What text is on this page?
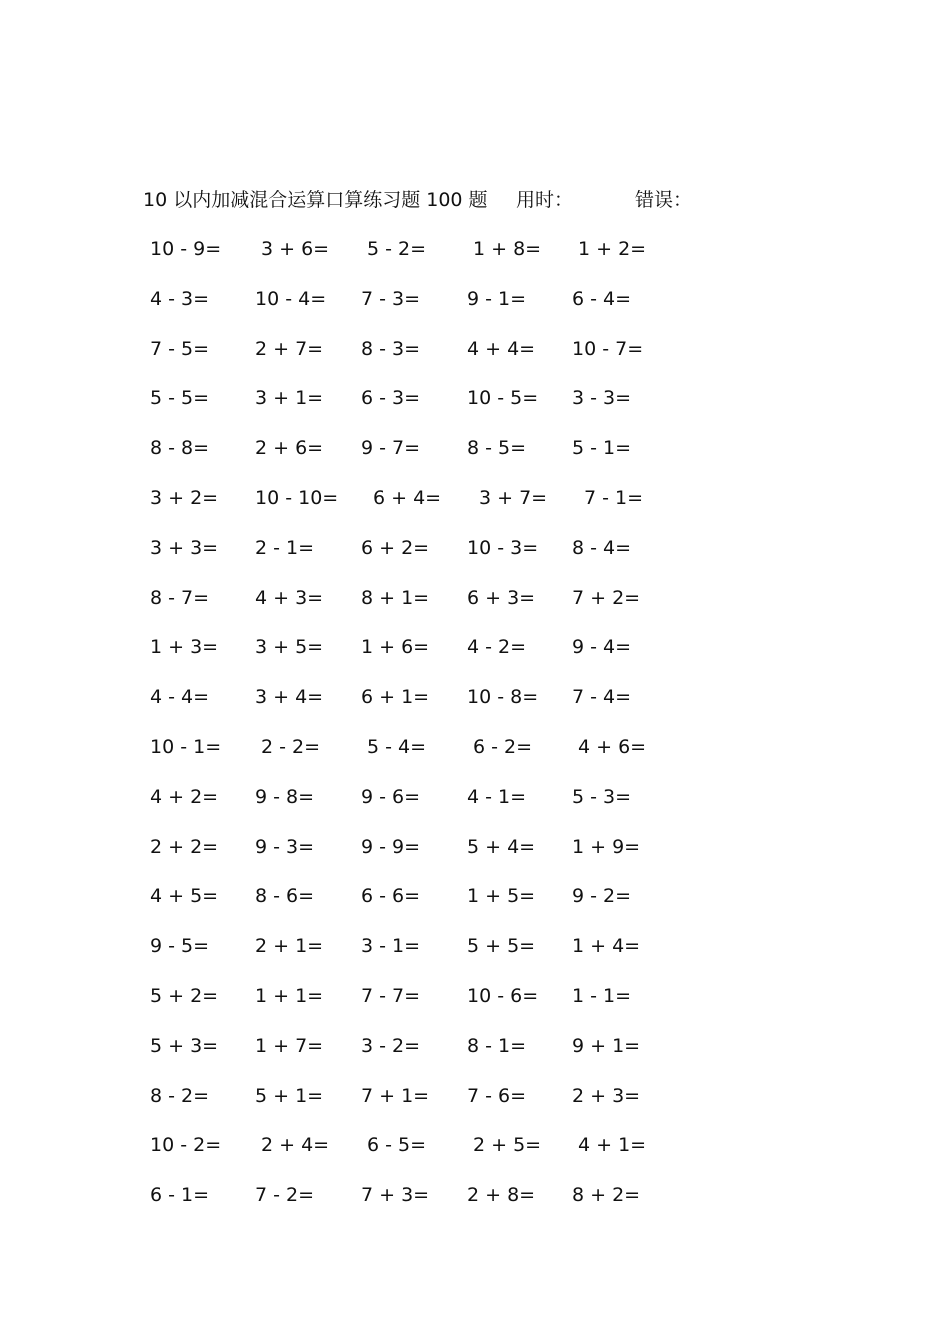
10 以内加减混合运算口算练习题 100 题 用时：	错误：
10 - 9=	3 + 6=	5 - 2=	1 + 8=	1 + 2=
4 - 3=	10 - 4=	7 - 3=	9 - 1=	6 - 4=
7 - 5=	2 + 7=	8 - 3=	4 + 4=	10 - 7=
5 - 5=	3 + 1=	6 - 3=	10 - 5=	3 - 3=
8 - 8=	2 + 6=	9 - 7=	8 - 5=	5 - 1=
3 + 2=	10 - 10=	6 + 4=	3 + 7=	7 - 1=
3 + 3=	2 - 1=	6 + 2=	10 - 3=	8 - 4=
8 - 7=	4 + 3=	8 + 1=	6 + 3=	7 + 2=
1 + 3=	3 + 5=	1 + 6=	4 - 2=	9 - 4=
4 - 4=	3 + 4=	6 + 1=	10 - 8=	7 - 4=
10 - 1=	2 - 2=	5 - 4=	6 - 2=	4 + 6=
4 + 2=	9 - 8=	9 - 6=	4 - 1=	5 - 3=
2 + 2=	9 - 3=	9 - 9=	5 + 4=	1 + 9=
4 + 5=	8 - 6=	6 - 6=	1 + 5=	9 - 2=
9 - 5=	2 + 1=	3 - 1=	5 + 5=	1 + 4=
5 + 2=	1 + 1=	7 - 7=	10 - 6=	1 - 1=
5 + 3=	1 + 7=	3 - 2=	8 - 1=	9 + 1=
8 - 2=	5 + 1=	7 + 1=	7 - 6=	2 + 3=
10 - 2=	2 + 4=	6 - 5=	2 + 5=	4 + 1=
6 - 1=	7 - 2=	7 + 3=	2 + 8=	8 + 2=
